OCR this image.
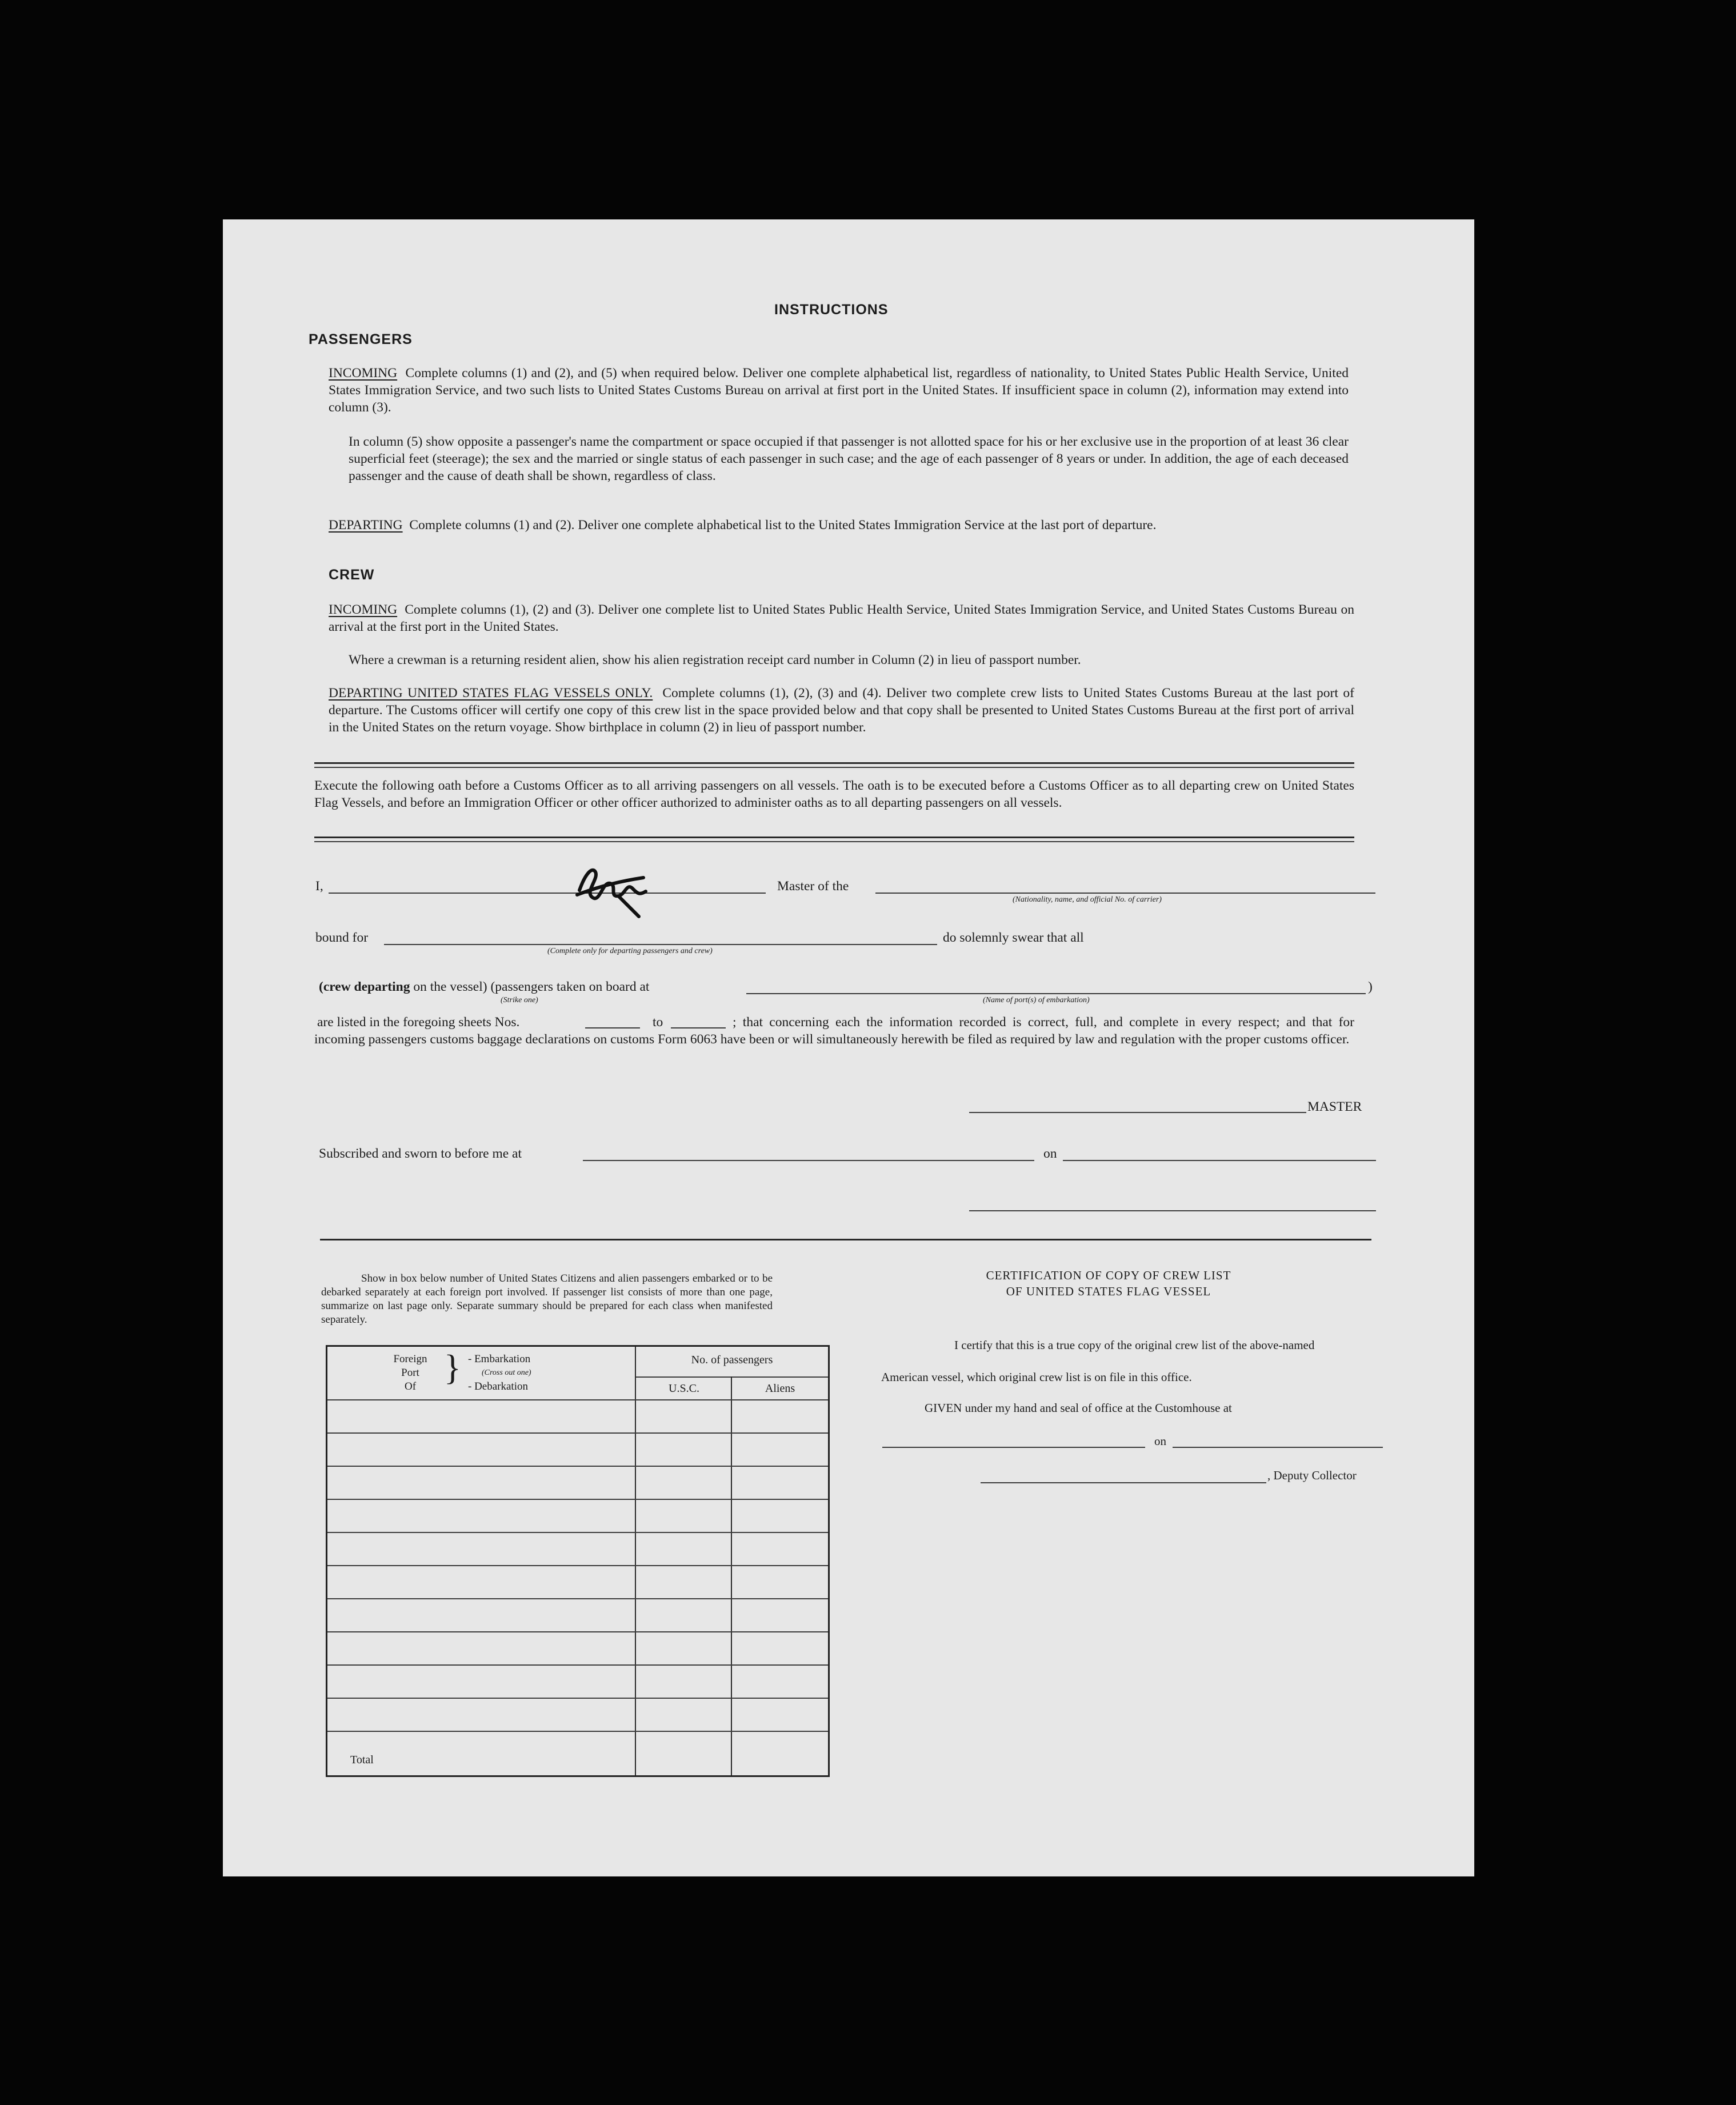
INSTRUCTIONS
PASSENGERS
INCOMING Complete columns (1) and (2), and (5) when required below. Deliver one complete alphabetical list, regardless of nationality, to United States Public Health Service, United States Immigration Service, and two such lists to United States Customs Bureau on arrival at first port in the United States. If insufficient space in column (2), information may extend into column (3).
In column (5) show opposite a passenger's name the compartment or space occupied if that passenger is not allotted space for his or her exclusive use in the proportion of at least 36 clear superficial feet (steerage); the sex and the married or single status of each passenger in such case; and the age of each passenger of 8 years or under. In addition, the age of each deceased passenger and the cause of death shall be shown, regardless of class.
DEPARTING Complete columns (1) and (2). Deliver one complete alphabetical list to the United States Immigration Service at the last port of departure.
CREW
INCOMING Complete columns (1), (2) and (3). Deliver one complete list to United States Public Health Service, United States Immigration Service, and United States Customs Bureau on arrival at the first port in the United States.
Where a crewman is a returning resident alien, show his alien registration receipt card number in Column (2) in lieu of passport number.
DEPARTING UNITED STATES FLAG VESSELS ONLY. Complete columns (1), (2), (3) and (4). Deliver two complete crew lists to United States Customs Bureau at the last port of departure. The Customs officer will certify one copy of this crew list in the space provided below and that copy shall be presented to United States Customs Bureau at the first port of arrival in the United States on the return voyage. Show birthplace in column (2) in lieu of passport number.
Execute the following oath before a Customs Officer as to all arriving passengers on all vessels. The oath is to be executed before a Customs Officer as to all departing crew on United States Flag Vessels, and before an Immigration Officer or other officer authorized to administer oaths as to all departing passengers on all vessels.
I,	Master of the
(Nationality, name, and official No. of carrier)
bound for
(Complete only for departing passengers and crew)
do solemnly swear that all
(crew departing on the vessel) (passengers taken on board at	)
(Strike one)	(Name of port(s) of embarkation)
are listed in the foregoing sheets Nos.	to	; that concerning each the information recorded is correct, full, and complete in every respect; and that for incoming passengers customs baggage declarations on customs Form 6063 have been or will simultaneously herewith be filed as required by law and regulation with the proper customs officer.
MASTER
Subscribed and sworn to before me at	on
Show in box below number of United States Citizens and alien passengers embarked or to be debarked separately at each foreign port involved. If passenger list consists of more than one page, summarize on last page only. Separate summary should be prepared for each class when manifested separately.
Foreign
Port
Of } - Embarkation
(Cross out one)
- Debarkation
No. of passengers
U.S.C.	Aliens
Total
CERTIFICATION OF COPY OF CREW LIST
OF UNITED STATES FLAG VESSEL
I certify that this is a true copy of the original crew list of the above-named
American vessel, which original crew list is on file in this office.
GIVEN under my hand and seal of office at the Customhouse at
on
, Deputy Collector
